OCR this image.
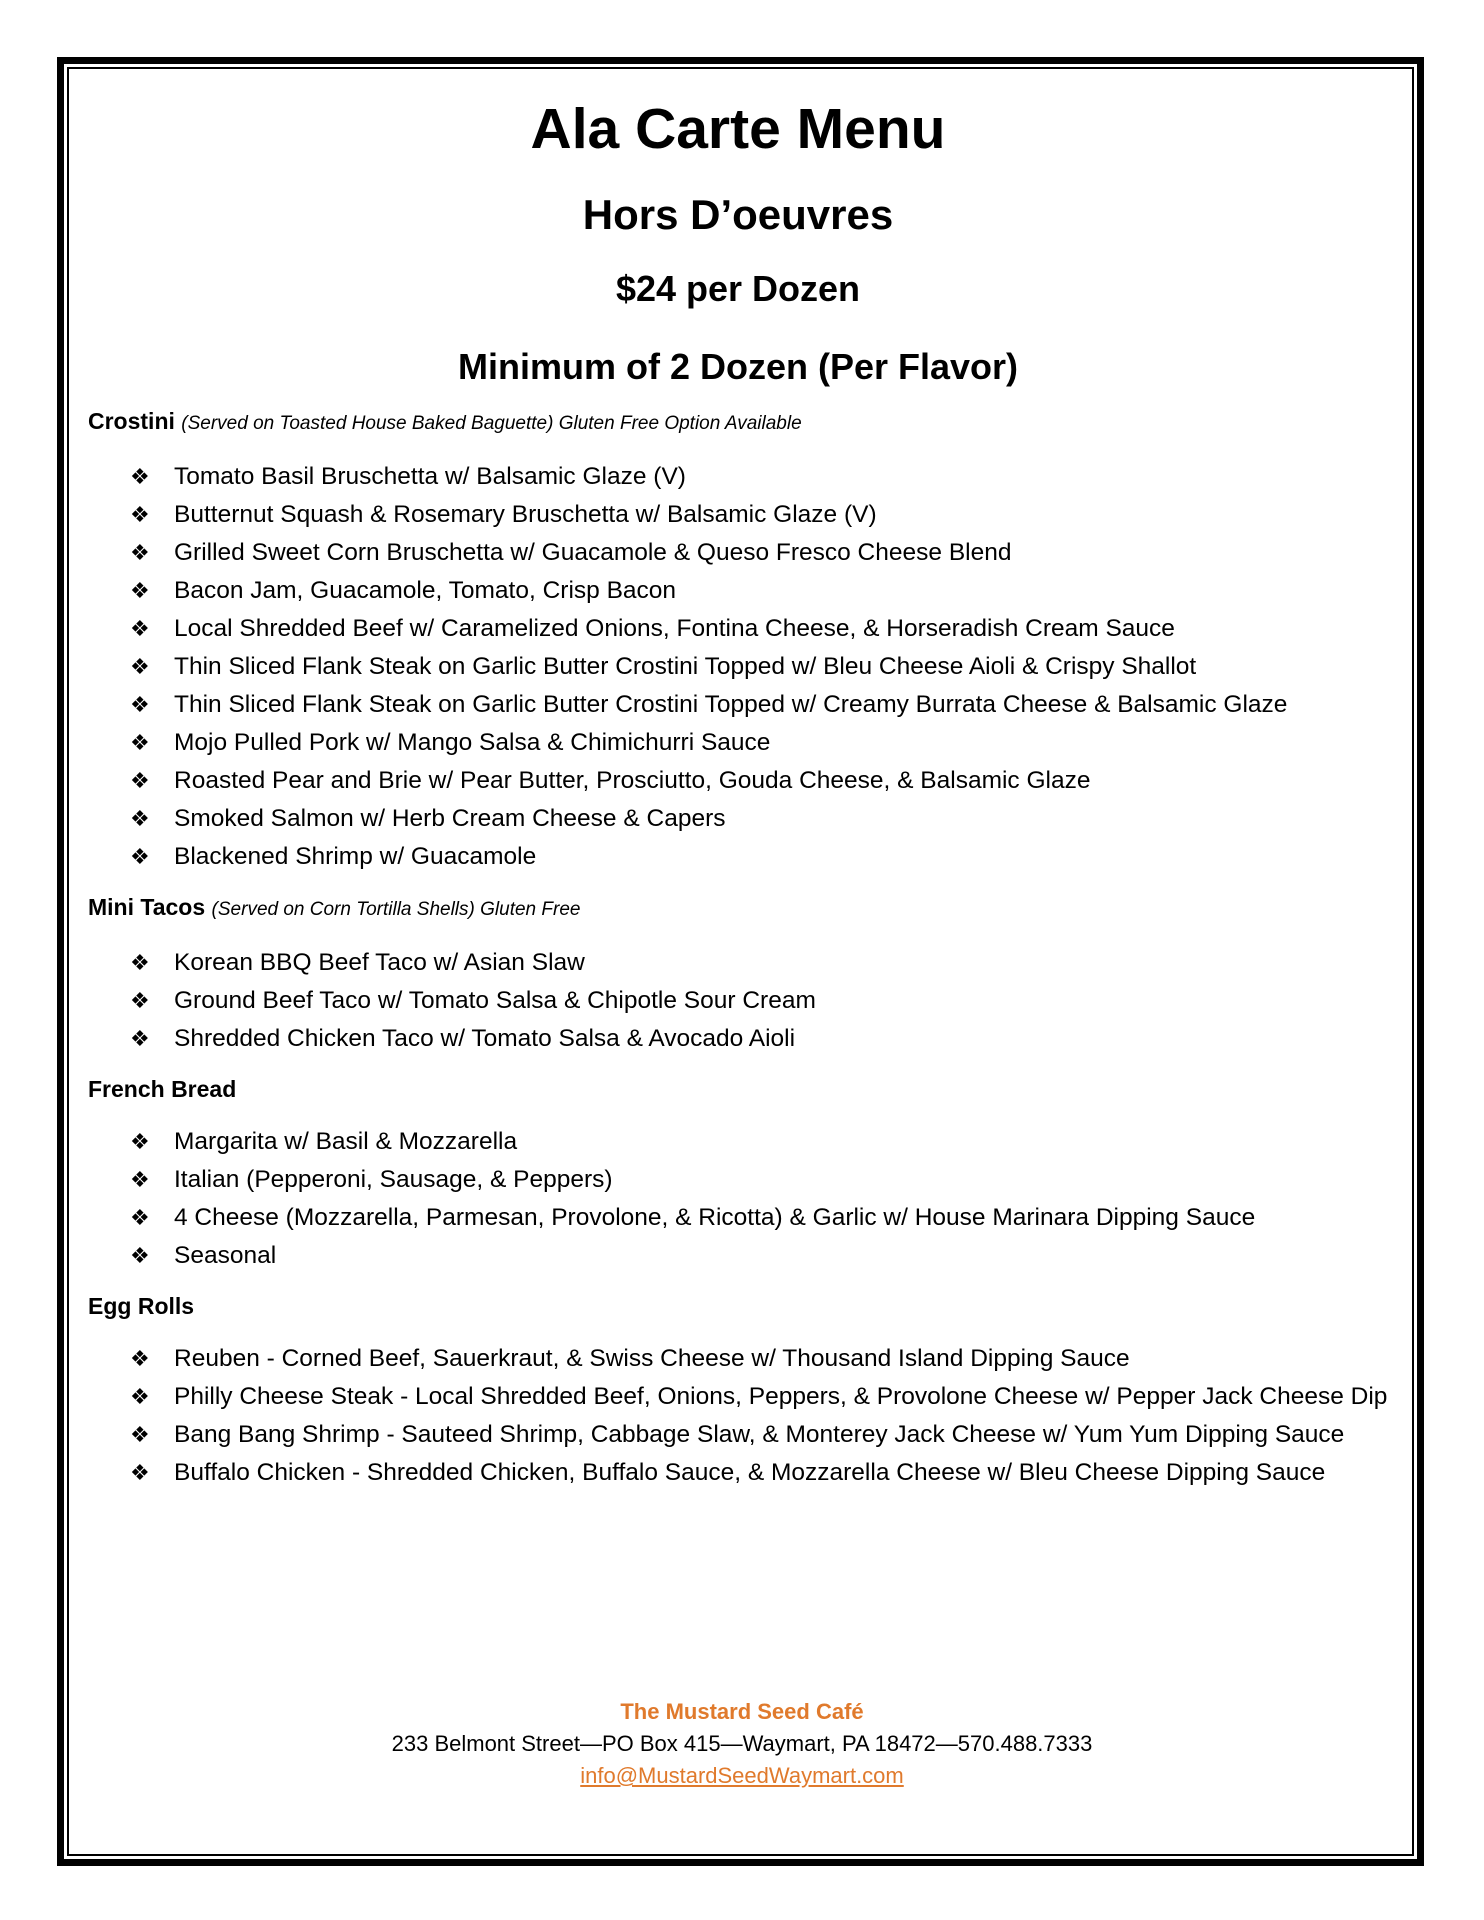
Ala Carte Menu
Hors D’oeuvres
$24 per Dozen
Minimum of 2 Dozen (Per Flavor)
Crostini (Served on Toasted House Baked Baguette) Gluten Free Option Available
❖ Tomato Basil Bruschetta w/ Balsamic Glaze (V)
❖ Butternut Squash & Rosemary Bruschetta w/ Balsamic Glaze (V)
❖ Grilled Sweet Corn Bruschetta w/ Guacamole & Queso Fresco Cheese Blend
❖ Bacon Jam, Guacamole, Tomato, Crisp Bacon
❖ Local Shredded Beef w/ Caramelized Onions, Fontina Cheese, & Horseradish Cream Sauce
❖ Thin Sliced Flank Steak on Garlic Butter Crostini Topped w/ Bleu Cheese Aioli & Crispy Shallot
❖ Thin Sliced Flank Steak on Garlic Butter Crostini Topped w/ Creamy Burrata Cheese & Balsamic Glaze
❖ Mojo Pulled Pork w/ Mango Salsa & Chimichurri Sauce
❖ Roasted Pear and Brie w/ Pear Butter, Prosciutto, Gouda Cheese, & Balsamic Glaze
❖ Smoked Salmon w/ Herb Cream Cheese & Capers
❖ Blackened Shrimp w/ Guacamole
Mini Tacos (Served on Corn Tortilla Shells) Gluten Free
❖ Korean BBQ Beef Taco w/ Asian Slaw
❖ Ground Beef Taco w/ Tomato Salsa & Chipotle Sour Cream
❖ Shredded Chicken Taco w/ Tomato Salsa & Avocado Aioli
French Bread
❖ Margarita w/ Basil & Mozzarella
❖ Italian (Pepperoni, Sausage, & Peppers)
❖ 4 Cheese (Mozzarella, Parmesan, Provolone, & Ricotta) & Garlic w/ House Marinara Dipping Sauce
❖ Seasonal
Egg Rolls
❖ Reuben - Corned Beef, Sauerkraut, & Swiss Cheese w/ Thousand Island Dipping Sauce
❖ Philly Cheese Steak - Local Shredded Beef, Onions, Peppers, & Provolone Cheese w/ Pepper Jack Cheese Dip
❖ Bang Bang Shrimp - Sauteed Shrimp, Cabbage Slaw, & Monterey Jack Cheese w/ Yum Yum Dipping Sauce
❖ Buffalo Chicken - Shredded Chicken, Buffalo Sauce, & Mozzarella Cheese w/ Bleu Cheese Dipping Sauce
The Mustard Seed Café
233 Belmont Street—PO Box 415—Waymart, PA 18472—570.488.7333
info@MustardSeedWaymart.com
